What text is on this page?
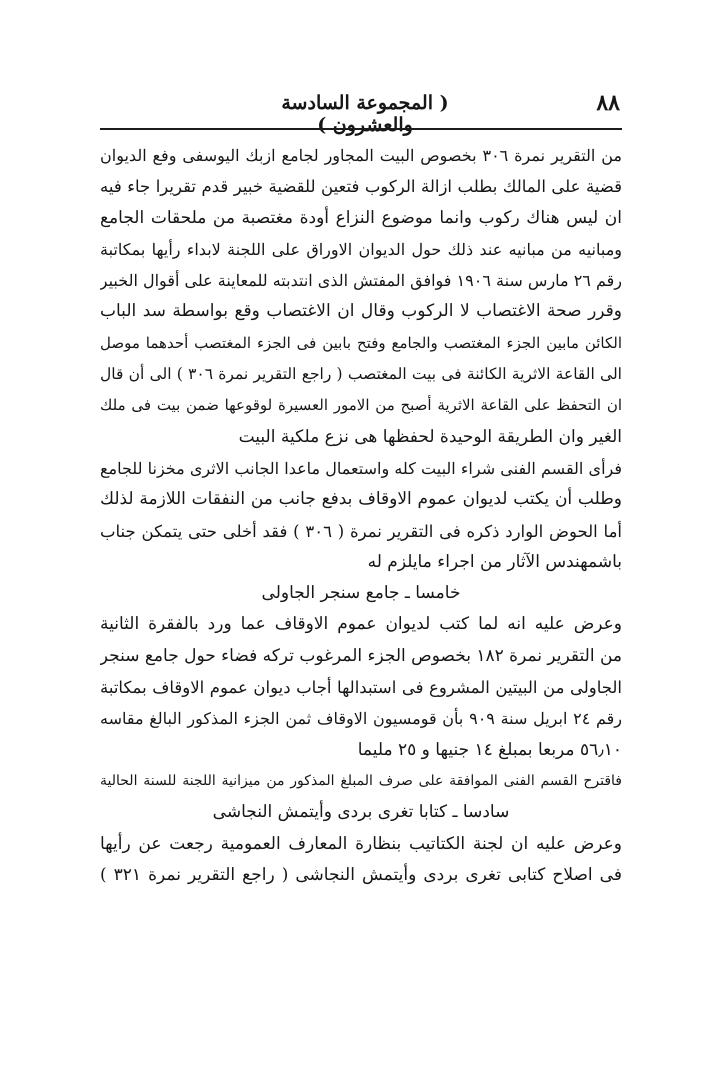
٨٨
( المجموعة السادسة والعشرون )
من التقرير نمرة ٣٠٦ بخصوص البيت المجاور لجامع ازبك اليوسفى وفع الديوان
قضية على المالك بطلب ازالة الركوب فتعين للقضية خبير قدم تقريرا جاء فيه
ان ليس هناك ركوب وانما موضوع النزاع أودة مغتصبة من ملحقات الجامع
ومبانيه من مبانيه عند ذلك حول الديوان الاوراق على اللجنة لابداء رأيها بمكاتبة
رقم ٢٦ مارس سنة ١٩٠٦ فوافق المفتش الذى انتدبته للمعاينة على أقوال الخبير
وقرر صحة الاغتصاب لا الركوب وقال ان الاغتصاب وقع بواسطة سد الباب
الكائن مابين الجزء المغتصب والجامع وفتح بابين فى الجزء المغتصب أحدهما موصل
الى القاعة الاثرية الكائنة فى بيت المغتصب ( راجع التقرير نمرة ٣٠٦ ) الى أن قال
ان التحفظ على القاعة الاثرية أصبح من الامور العسيرة لوقوعها ضمن بيت فى ملك
الغير وان الطريقة الوحيدة لحفظها هى نزع ملكية البيت
فرأى القسم الفنى شراء البيت كله واستعمال ماعدا الجانب الاثرى مخزنا للجامع
وطلب أن يكتب لديوان عموم الاوقاف بدفع جانب من النفقات اللازمة لذلك
أما الحوض الوارد ذكره فى التقرير نمرة ( ٣٠٦ ) فقد أخلى حتى يتمكن جناب
باشمهندس الآثار من اجراء مايلزم له
خامسا ـ جامع سنجر الجاولى
وعرض عليه انه لما كتب لديوان عموم الاوقاف عما ورد بالفقرة الثانية
من التقرير نمرة ١٨٢ بخصوص الجزء المرغوب تركه فضاء حول جامع سنجر
الجاولى من البيتين المشروع فى استبدالها أجاب ديوان عموم الاوقاف بمكاتبة
رقم ٢٤ ابريل سنة ٩٠٩ بأن قومسيون الاوقاف ثمن الجزء المذكور البالغ مقاسه
٥٦٫١٠ مربعا بمبلغ ١٤ جنيها و ٢٥ مليما
فاقترح القسم الفنى الموافقة على صرف المبلغ المذكور من ميزانية اللجنة للسنة الحالية
سادسا ـ كتابا تغرى بردى وأيتمش النجاشى
وعرض عليه ان لجنة الكتاتيب بنظارة المعارف العمومية رجعت عن رأيها
فى اصلاح كتابى تغرى بردى وأيتمش النجاشى ( راجع التقرير نمرة ٣٢١ )
